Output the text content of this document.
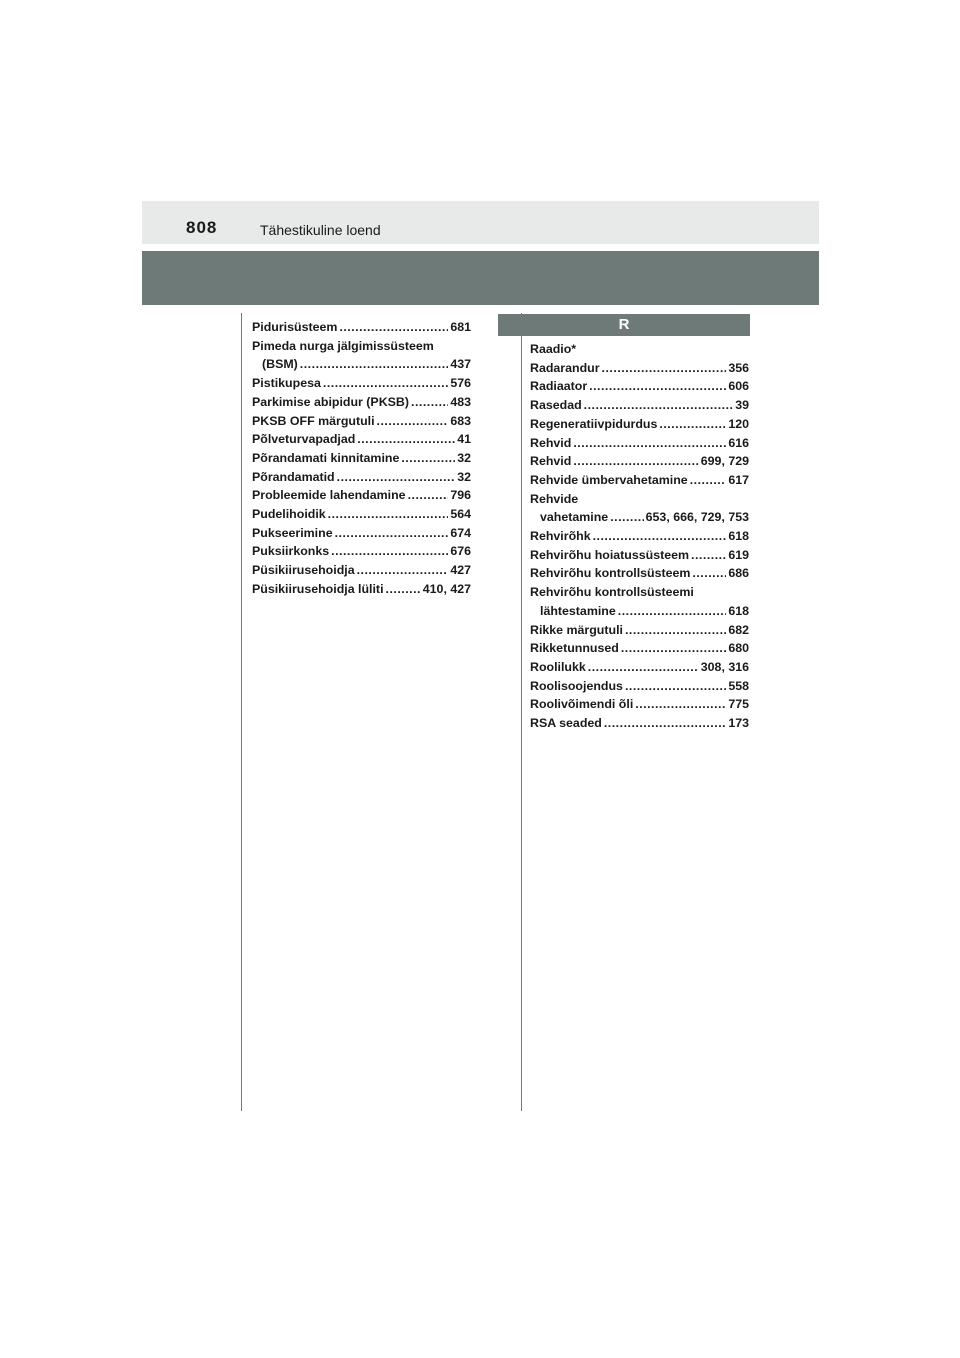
808	Tähestikuline loend
R
Pidurisüsteem .....	681
Pimeda nurga jälgimissüsteem
(BSM) .....	437
Pistikupesa .....	576
Parkimise abipidur (PKSB) .....	483
PKSB OFF märgutuli .....	683
Põlveturvapadjad .....	41
Põrandamati kinnitamine .....	32
Põrandamatid .....	32
Probleemide lahendamine .....	796
Pudelihoidik .....	564
Pukseerimine .....	674
Puksiirkonks .....	676
Püsikiirusehoidja .....	427
Püsikiirusehoidja lüliti .....	410, 427
Raadio*
Radarandur .....	356
Radiaator .....	606
Rasedad .....	39
Regeneratiivpidurdus .....	120
Rehvid .....	616
Rehvid .....	699, 729
Rehvide ümbervahetamine .....	617
Rehvide
vahetamine .....	653, 666, 729, 753
Rehvirõhk .....	618
Rehvirõhu hoiatussüsteem .....	619
Rehvirõhu kontrollsüsteem .....	686
Rehvirõhu kontrollsüsteemi
lähtestamine .....	618
Rikke märgutuli .....	682
Rikketunnused .....	680
Roolilukk .....	308, 316
Roolisoojendus .....	558
Roolivõimendi õli .....	775
RSA seaded .....	173
